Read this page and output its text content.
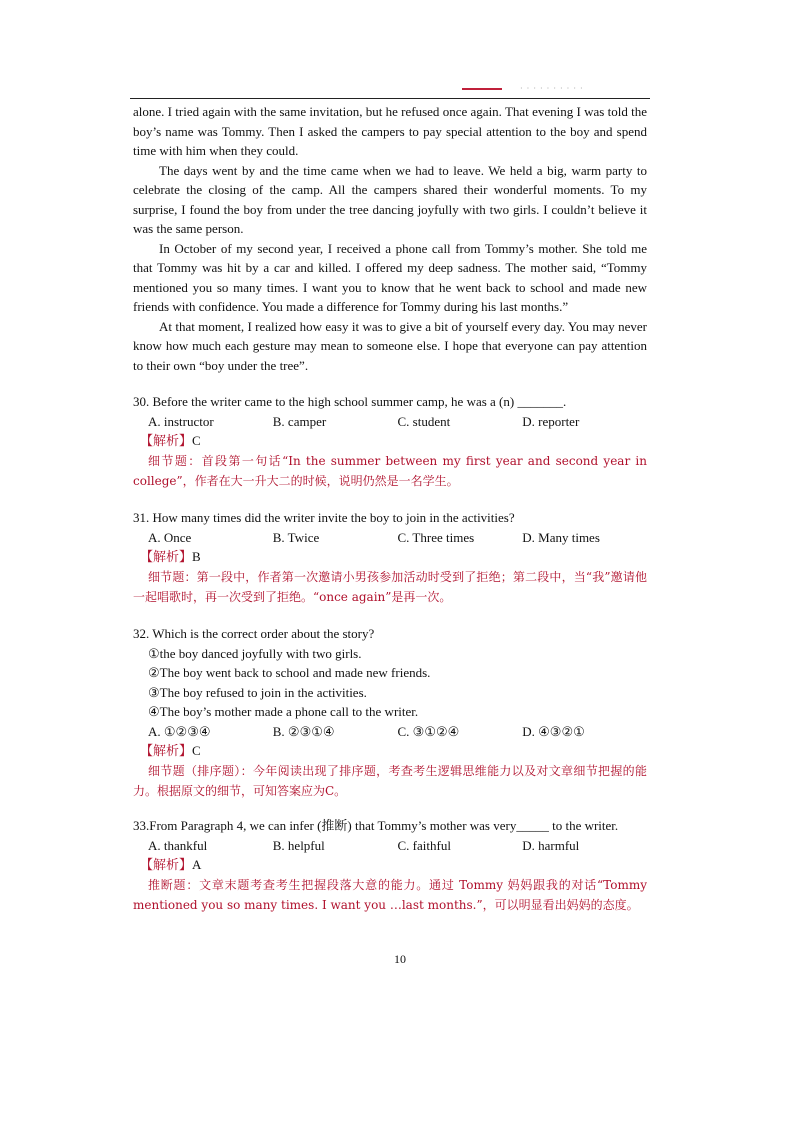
· · · · · · · · · ·

alone. I tried again with the same invitation, but he refused once again. That evening I was told the boy’s name was Tommy. Then I asked the campers to pay special attention to the boy and spend time with him when they could.

The days went by and the time came when we had to leave. We held a big, warm party to celebrate the closing of the camp. All the campers shared their wonderful moments. To my surprise, I found the boy from under the tree dancing joyfully with two girls. I couldn’t believe it was the same person.

In October of my second year, I received a phone call from Tommy’s mother. She told me that Tommy was hit by a car and killed. I offered my deep sadness. The mother said, “Tommy mentioned you so many times. I want you to know that he went back to school and made new friends with confidence. You made a difference for Tommy during his last months.”

At that moment, I realized how easy it was to give a bit of yourself every day. You may never know how much each gesture may mean to someone else. I hope that everyone can pay attention to their own “boy under the tree”.

30. Before the writer came to the high school summer camp, he was a (n) _______.

A. instructor	B. camper	C. student	D. reporter

【解析】C

细节题：首段第一句话“In the summer between my first year and second year in college”，作者在大一升大二的时候，说明仍然是一名学生。

31. How many times did the writer invite the boy to join in the activities?

A. Once	B. Twice	C. Three times	D. Many times

【解析】B

细节题：第一段中，作者第一次邀请小男孩参加活动时受到了拒绝；第二段中，当“我”邀请他一起唱歌时，再一次受到了拒绝。“once again”是再一次。

32. Which is the correct order about the story?

①the boy danced joyfully with two girls.

②The boy went back to school and made new friends.

③The boy refused to join in the activities.

④The boy’s mother made a phone call to the writer.

A. ①②③④	B. ②③①④	C. ③①②④	D. ④③②①

【解析】C

细节题（排序题）：今年阅读出现了排序题，考查考生逻辑思维能力以及对文章细节把握的能力。根据原文的细节，可知答案应为C。

33.From Paragraph 4, we can infer (推断) that Tommy’s mother was very_____ to the writer.

A. thankful	B. helpful	C. faithful	D. harmful

【解析】A

推断题：文章末题考查考生把握段落大意的能力。通过 Tommy 妈妈跟我的对话“Tommy mentioned you so many times. I want you …last months.”，可以明显看出妈妈的态度。

10
